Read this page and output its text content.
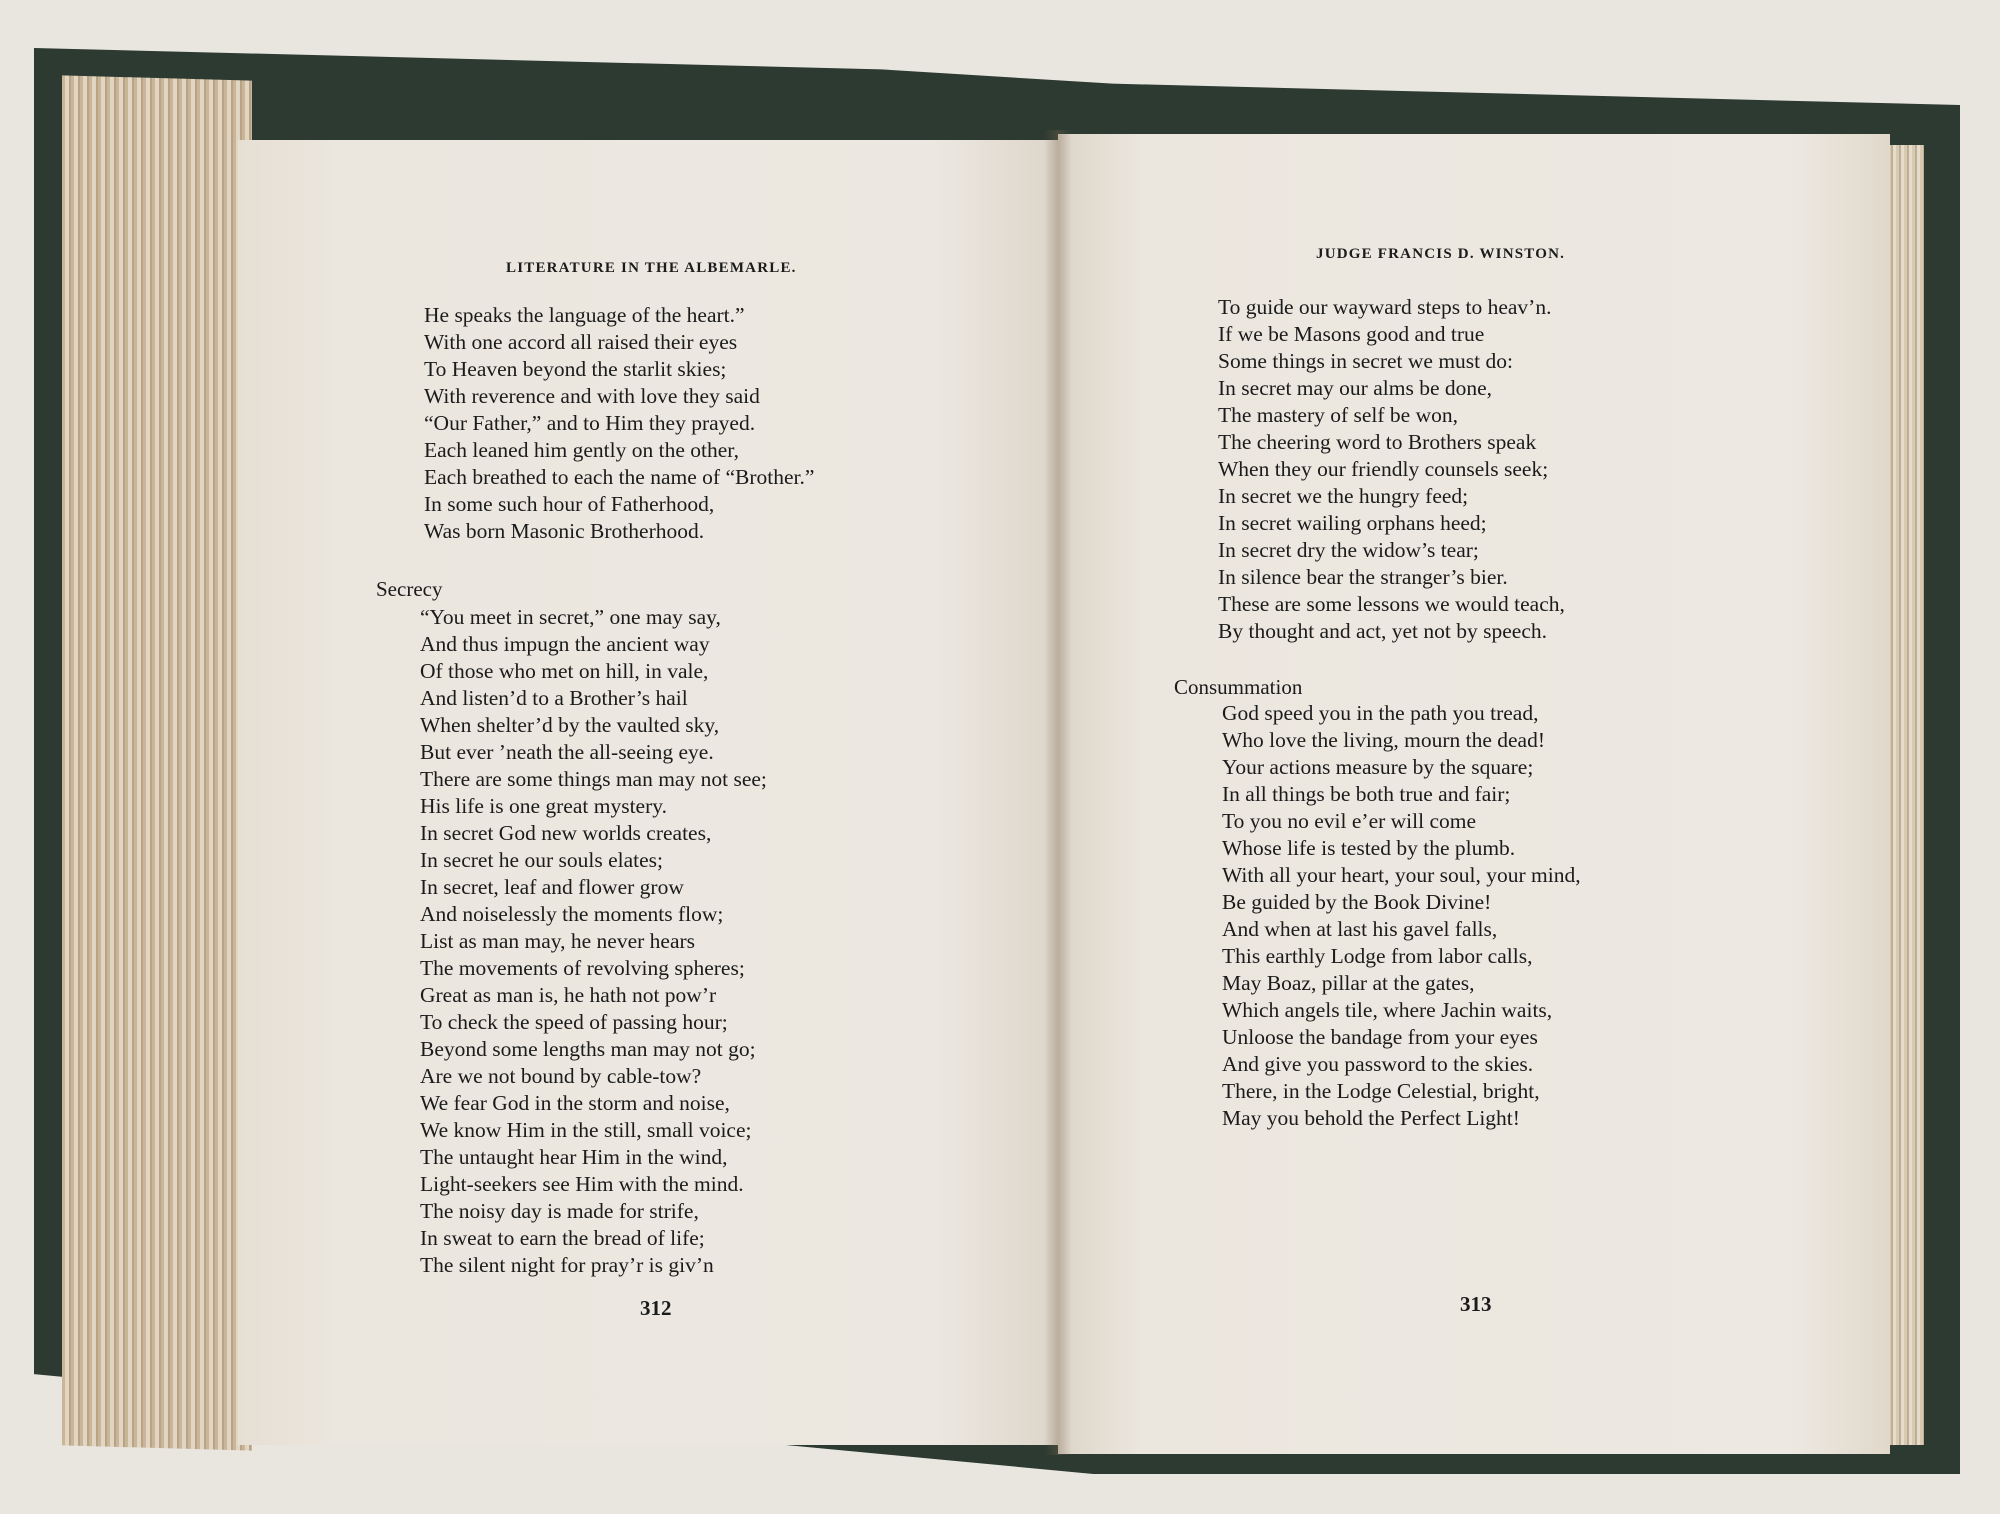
LITERATURE IN THE ALBEMARLE.
He speaks the language of the heart.”
With one accord all raised their eyes
To Heaven beyond the starlit skies;
With reverence and with love they said
“Our Father,” and to Him they prayed.
Each leaned him gently on the other,
Each breathed to each the name of “Brother.”
In some such hour of Fatherhood,
Was born Masonic Brotherhood.
Secrecy
“You meet in secret,” one may say,
And thus impugn the ancient way
Of those who met on hill, in vale,
And listen’d to a Brother’s hail
When shelter’d by the vaulted sky,
But ever ’neath the all-seeing eye.
There are some things man may not see;
His life is one great mystery.
In secret God new worlds creates,
In secret he our souls elates;
In secret, leaf and flower grow
And noiselessly the moments flow;
List as man may, he never hears
The movements of revolving spheres;
Great as man is, he hath not pow’r
To check the speed of passing hour;
Beyond some lengths man may not go;
Are we not bound by cable-tow?
We fear God in the storm and noise,
We know Him in the still, small voice;
The untaught hear Him in the wind,
Light-seekers see Him with the mind.
The noisy day is made for strife,
In sweat to earn the bread of life;
The silent night for pray’r is giv’n
312
JUDGE FRANCIS D. WINSTON.
To guide our wayward steps to heav’n.
If we be Masons good and true
Some things in secret we must do:
In secret may our alms be done,
The mastery of self be won,
The cheering word to Brothers speak
When they our friendly counsels seek;
In secret we the hungry feed;
In secret wailing orphans heed;
In secret dry the widow’s tear;
In silence bear the stranger’s bier.
These are some lessons we would teach,
By thought and act, yet not by speech.
Consummation
God speed you in the path you tread,
Who love the living, mourn the dead!
Your actions measure by the square;
In all things be both true and fair;
To you no evil e’er will come
Whose life is tested by the plumb.
With all your heart, your soul, your mind,
Be guided by the Book Divine!
And when at last his gavel falls,
This earthly Lodge from labor calls,
May Boaz, pillar at the gates,
Which angels tile, where Jachin waits,
Unloose the bandage from your eyes
And give you password to the skies.
There, in the Lodge Celestial, bright,
May you behold the Perfect Light!
313
